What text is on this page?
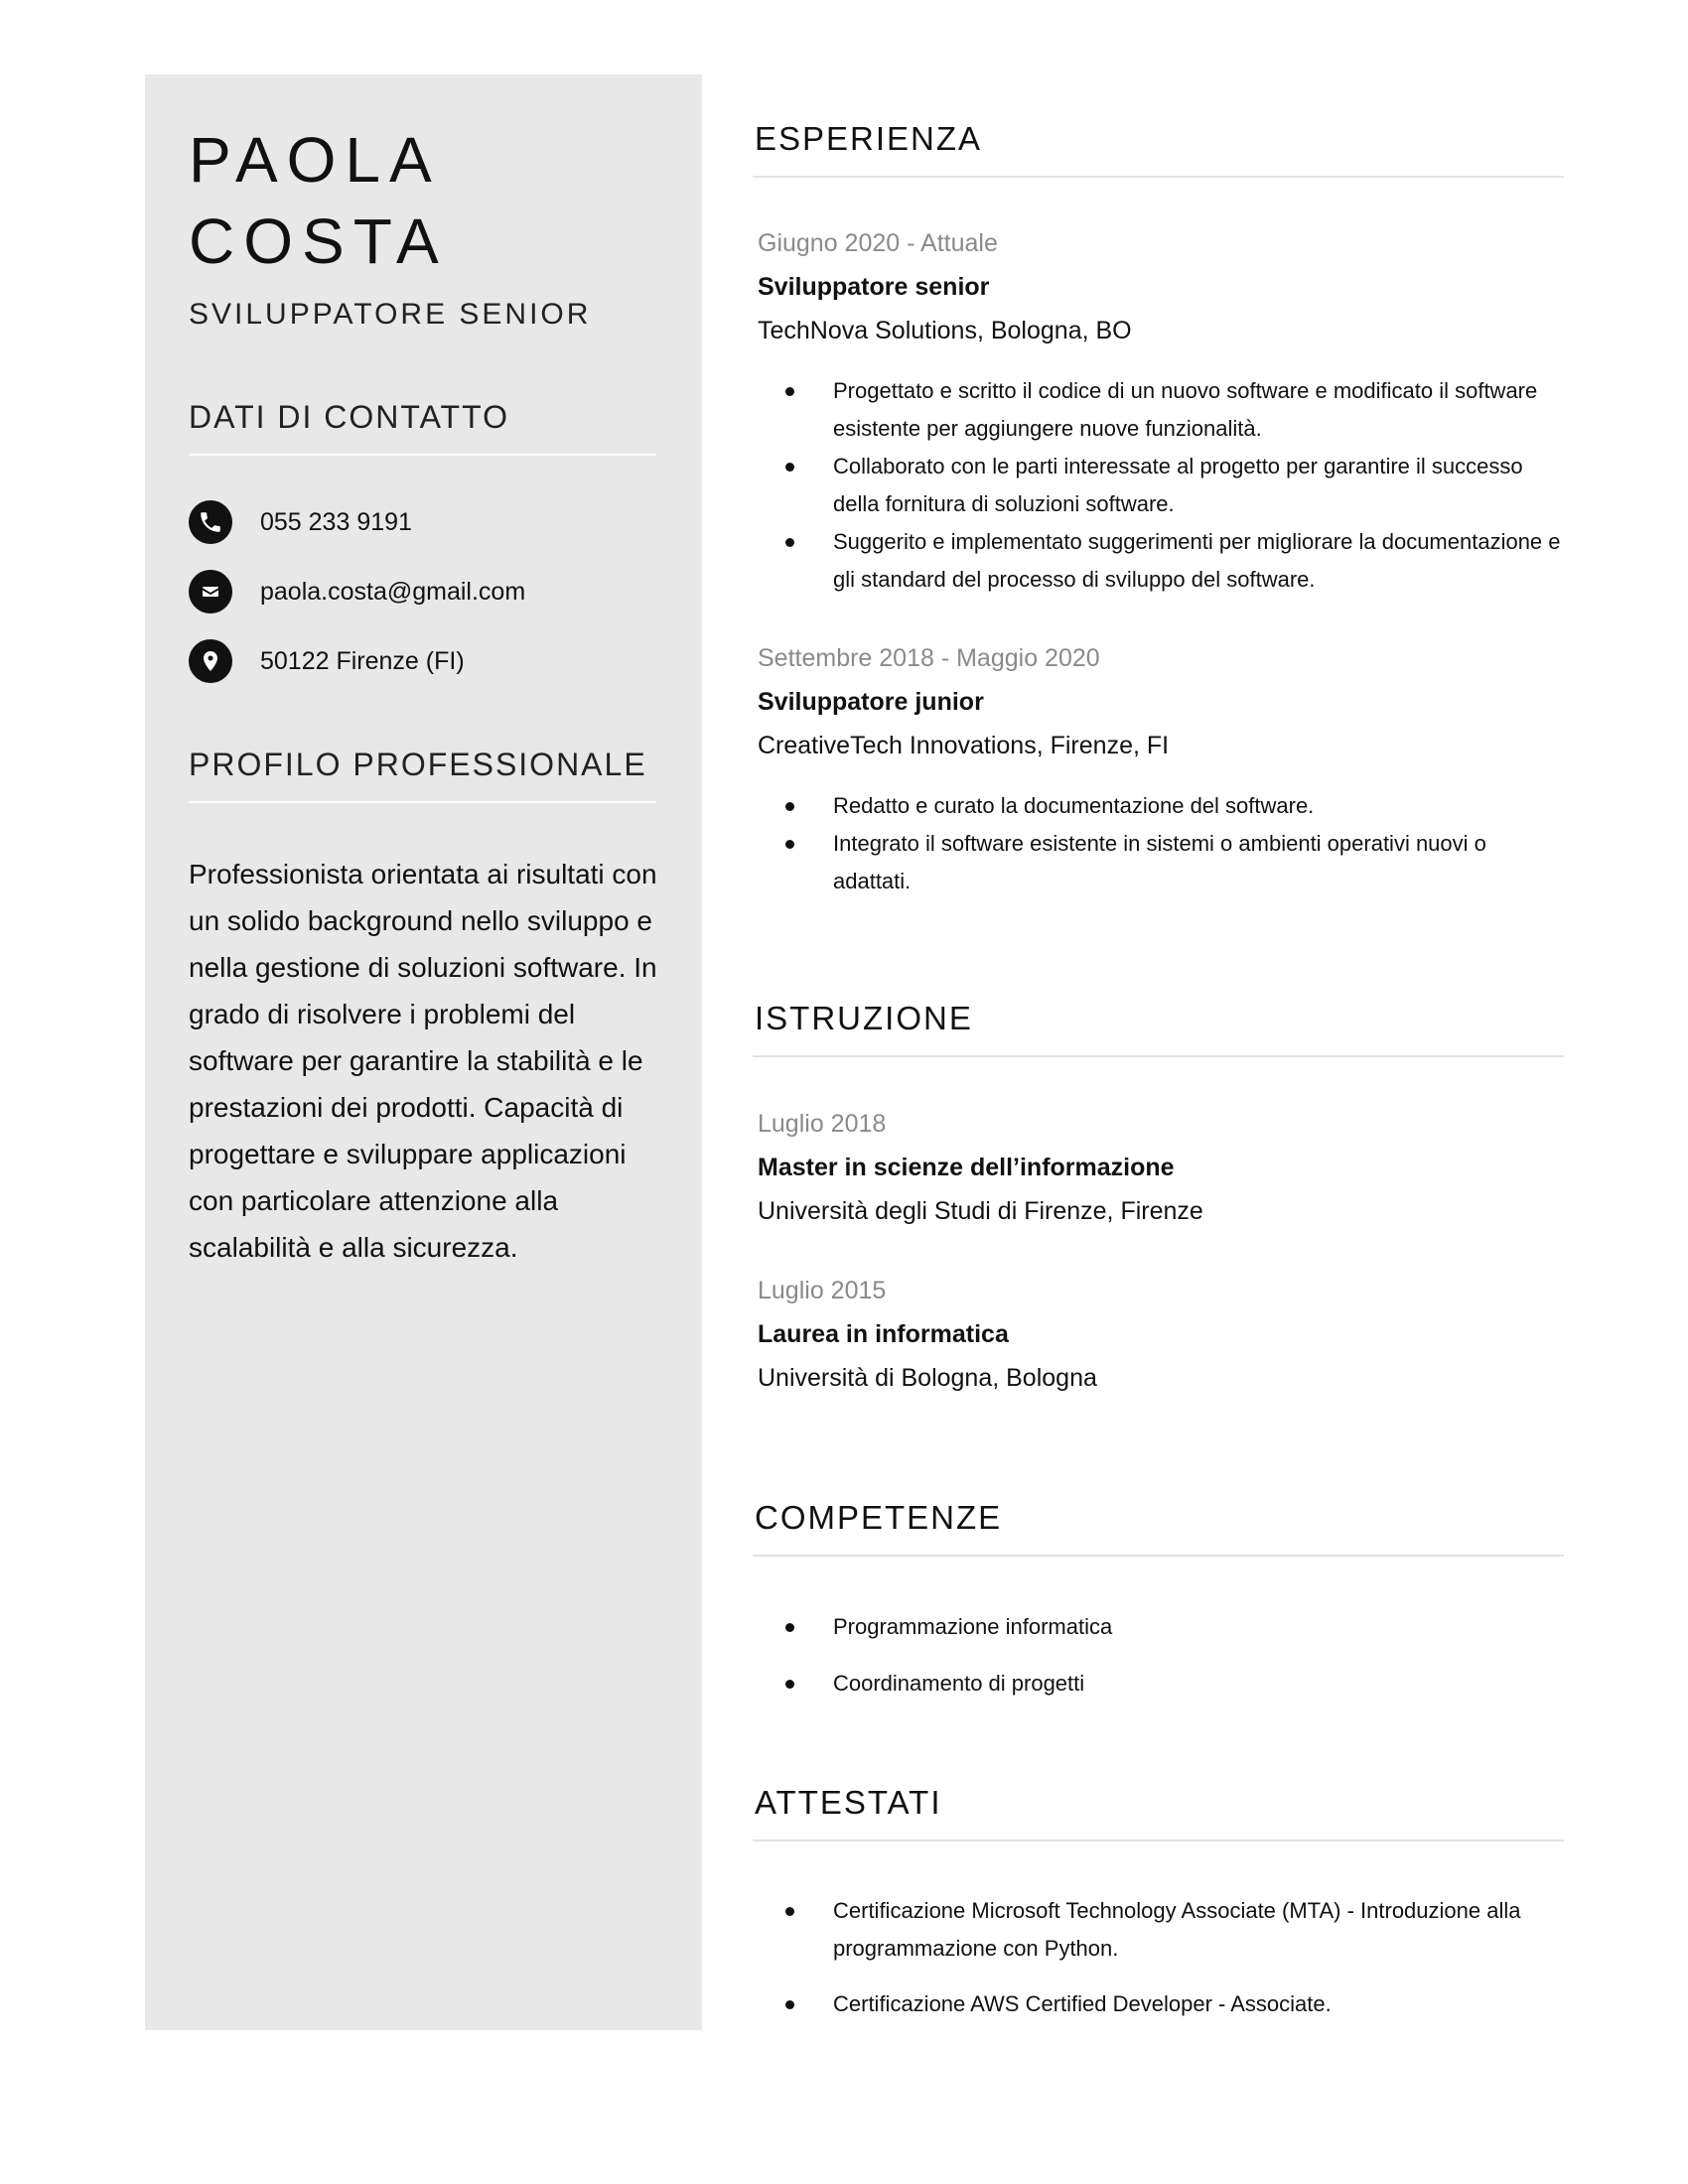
PAOLA
COSTA
SVILUPPATORE SENIOR
DATI DI CONTATTO
055 233 9191
paola.costa@gmail.com
50122 Firenze (FI)
PROFILO PROFESSIONALE
Professionista orientata ai risultati con un solido background nello sviluppo e nella gestione di soluzioni software. In grado di risolvere i problemi del software per garantire la stabilità e le prestazioni dei prodotti. Capacità di progettare e sviluppare applicazioni con particolare attenzione alla scalabilità e alla sicurezza.
ESPERIENZA
Giugno 2020 - Attuale
Sviluppatore senior
TechNova Solutions, Bologna, BO
Progettato e scritto il codice di un nuovo software e modificato il software esistente per aggiungere nuove funzionalità.
Collaborato con le parti interessate al progetto per garantire il successo della fornitura di soluzioni software.
Suggerito e implementato suggerimenti per migliorare la documentazione e gli standard del processo di sviluppo del software.
Settembre 2018 - Maggio 2020
Sviluppatore junior
CreativeTech Innovations, Firenze, FI
Redatto e curato la documentazione del software.
Integrato il software esistente in sistemi o ambienti operativi nuovi o adattati.
ISTRUZIONE
Luglio 2018
Master in scienze dell’informazione
Università degli Studi di Firenze, Firenze
Luglio 2015
Laurea in informatica
Università di Bologna, Bologna
COMPETENZE
Programmazione informatica
Coordinamento di progetti
ATTESTATI
Certificazione Microsoft Technology Associate (MTA) - Introduzione alla programmazione con Python.
Certificazione AWS Certified Developer - Associate.
